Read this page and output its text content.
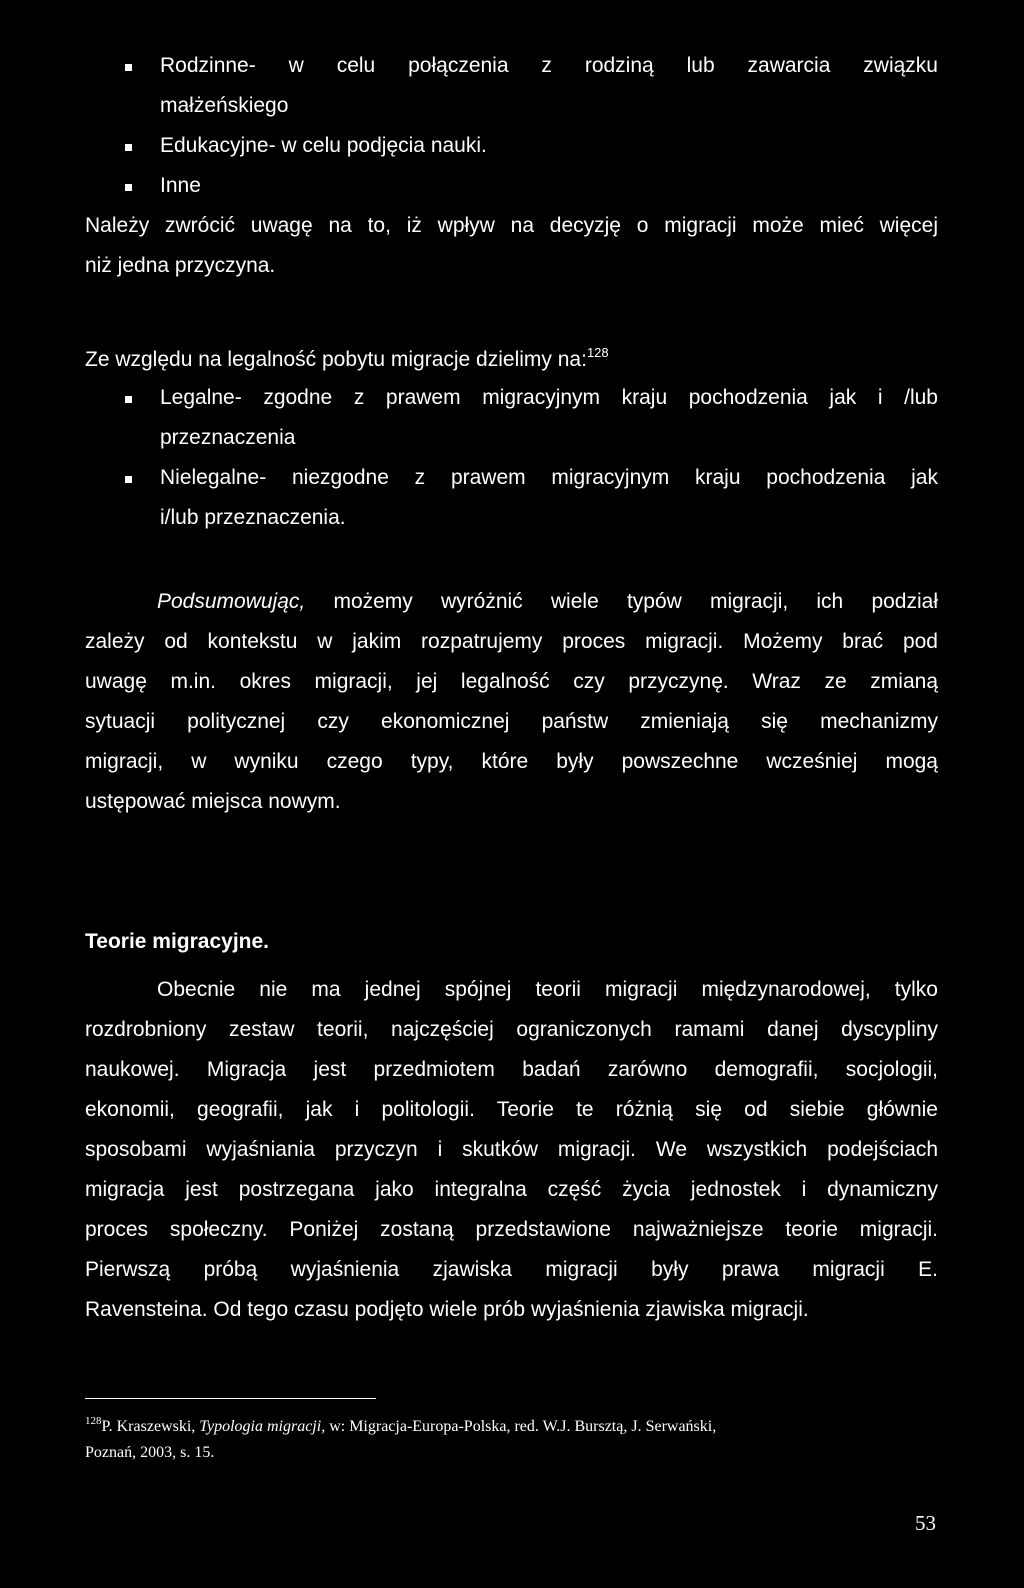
Rodzinne- w celu połączenia z rodziną lub zawarcia związku
małżeńskiego
Edukacyjne- w celu podjęcia nauki.
Inne
Należy zwrócić uwagę na to, iż wpływ na decyzję o migracji może mieć więcej
niż jedna przyczyna.
Ze względu na legalność pobytu migracje dzielimy na:$^{128}$
Legalne- zgodne z prawem migracyjnym kraju pochodzenia jak i /lub
przeznaczenia
Nielegalne- niezgodne z prawem migracyjnym kraju pochodzenia jak
i/lub przeznaczenia.
Podsumowując, możemy wyróżnić wiele typów migracji, ich podział
zależy od kontekstu w jakim rozpatrujemy proces migracji. Możemy brać pod
uwagę m.in. okres migracji, jej legalność czy przyczynę. Wraz ze zmianą
sytuacji politycznej czy ekonomicznej państw zmieniają się mechanizmy
migracji, w wyniku czego typy, które były powszechne wcześniej mogą
ustępować miejsca nowym.
Teorie migracyjne.
Obecnie nie ma jednej spójnej teorii migracji międzynarodowej, tylko
rozdrobniony zestaw teorii, najczęściej ograniczonych ramami danej dyscypliny
naukowej. Migracja jest przedmiotem badań zarówno demografii, socjologii,
ekonomii, geografii, jak i politologii. Teorie te różnią się od siebie głównie
sposobami wyjaśniania przyczyn i skutków migracji. We wszystkich podejściach
migracja jest postrzegana jako integralna część życia jednostek i dynamiczny
proces społeczny. Poniżej zostaną przedstawione najważniejsze teorie migracji.
Pierwszą próbą wyjaśnienia zjawiska migracji były prawa migracji E.
Ravensteina. Od tego czasu podjęto wiele prób wyjaśnienia zjawiska migracji.
$^{128}$P. Kraszewski, Typologia migracji, w: Migracja-Europa-Polska, red. W.J. Bursztą, J. Serwański,
Poznań, 2003, s. 15.
53
